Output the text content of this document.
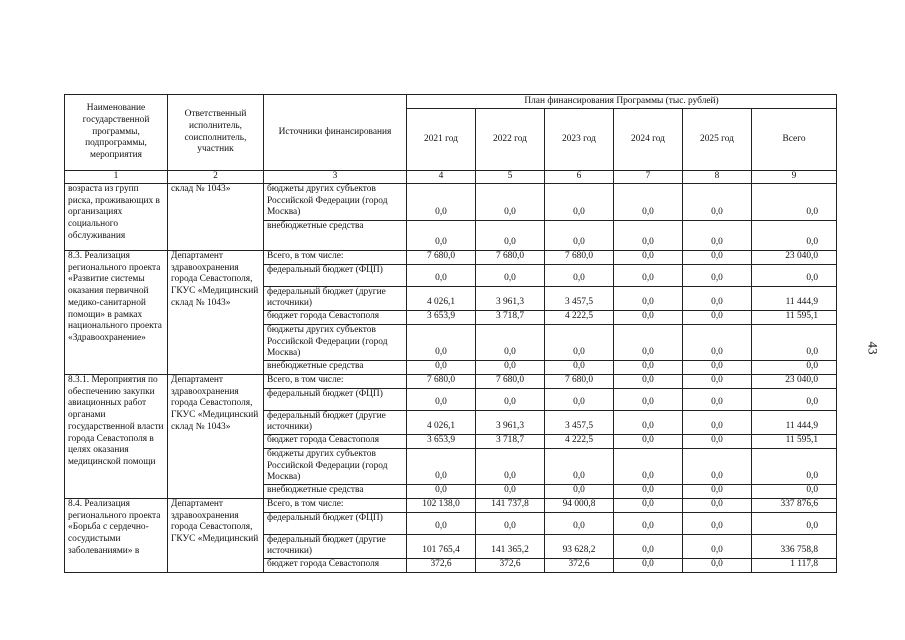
43
Наименование государственной программы, подпрограммы, мероприятия	Ответственный исполнитель, соисполнитель, участник	Источники финансирования	План финансирования Программы (тыс. рублей)					
			2021 год	2022 год	2023 год	2024 год	2025 год	Всего
1	2	3	4	5	6	7	8	9
возраста из групп риска, проживающих в организациях социального обслуживания	склад № 1043»	бюджеты других субъектов Российской Федерации (город Москва)	0,0	0,0	0,0	0,0	0,0	0,0
		внебюджетные средства	0,0	0,0	0,0	0,0	0,0	0,0
8.3. Реализация регионального проекта «Развитие системы оказания первичной медико-санитарной помощи» в рамках национального проекта «Здравоохранение»	Департамент здравоохранения города Севастополя, ГКУС «Медицинский склад № 1043»	Всего, в том числе:	7 680,0	7 680,0	7 680,0	0,0	0,0	23 040,0
		федеральный бюджет (ФЦП)	0,0	0,0	0,0	0,0	0,0	0,0
		федеральный бюджет (другие источники)	4 026,1	3 961,3	3 457,5	0,0	0,0	11 444,9
		бюджет города Севастополя	3 653,9	3 718,7	4 222,5	0,0	0,0	11 595,1
		бюджеты других субъектов Российской Федерации (город Москва)	0,0	0,0	0,0	0,0	0,0	0,0
		внебюджетные средства	0,0	0,0	0,0	0,0	0,0	0,0
8.3.1. Мероприятия по обеспечению закупки авиационных работ органами государственной власти города Севастополя в целях оказания медицинской помощи	Департамент здравоохранения города Севастополя, ГКУС «Медицинский склад № 1043»	Всего, в том числе:	7 680,0	7 680,0	7 680,0	0,0	0,0	23 040,0
		федеральный бюджет (ФЦП)	0,0	0,0	0,0	0,0	0,0	0,0
		федеральный бюджет (другие источники)	4 026,1	3 961,3	3 457,5	0,0	0,0	11 444,9
		бюджет города Севастополя	3 653,9	3 718,7	4 222,5	0,0	0,0	11 595,1
		бюджеты других субъектов Российской Федерации (город Москва)	0,0	0,0	0,0	0,0	0,0	0,0
		внебюджетные средства	0,0	0,0	0,0	0,0	0,0	0,0
8.4. Реализация регионального проекта «Борьба с сердечно-сосудистыми заболеваниями» в	Департамент здравоохранения города Севастополя, ГКУС «Медицинский	Всего, в том числе:	102 138,0	141 737,8	94 000,8	0,0	0,0	337 876,6
		федеральный бюджет (ФЦП)	0,0	0,0	0,0	0,0	0,0	0,0
		федеральный бюджет (другие источники)	101 765,4	141 365,2	93 628,2	0,0	0,0	336 758,8
		бюджет города Севастополя	372,6	372,6	372,6	0,0	0,0	1 117,8
